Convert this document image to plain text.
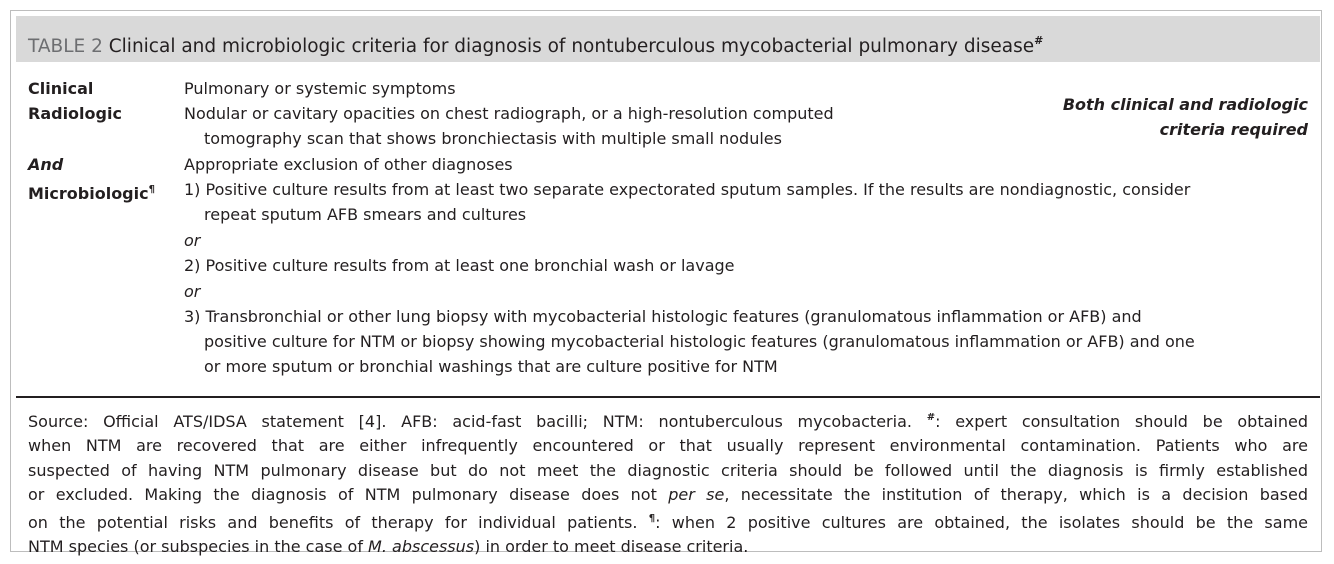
TABLE 2 Clinical and microbiologic criteria for diagnosis of nontuberculous mycobacterial pulmonary disease#
Clinical
Radiologic
And
Microbiologic¶
Pulmonary or systemic symptoms
Nodular or cavitary opacities on chest radiograph, or a high-resolution computed
tomography scan that shows bronchiectasis with multiple small nodules
Appropriate exclusion of other diagnoses
1) Positive culture results from at least two separate expectorated sputum samples. If the results are nondiagnostic, consider
repeat sputum AFB smears and cultures
or
2) Positive culture results from at least one bronchial wash or lavage
or
3) Transbronchial or other lung biopsy with mycobacterial histologic features (granulomatous inflammation or AFB) and
positive culture for NTM or biopsy showing mycobacterial histologic features (granulomatous inflammation or AFB) and one
or more sputum or bronchial washings that are culture positive for NTM
Both clinical and radiologic
criteria required
Source: Official ATS/IDSA statement [4]. AFB: acid-fast bacilli; NTM: nontuberculous mycobacteria. #: expert consultation should be obtained
when NTM are recovered that are either infrequently encountered or that usually represent environmental contamination. Patients who are
suspected of having NTM pulmonary disease but do not meet the diagnostic criteria should be followed until the diagnosis is firmly established
or excluded. Making the diagnosis of NTM pulmonary disease does not per se, necessitate the institution of therapy, which is a decision based
on the potential risks and benefits of therapy for individual patients. ¶: when 2 positive cultures are obtained, the isolates should be the same
NTM species (or subspecies in the case of M. abscessus) in order to meet disease criteria.
